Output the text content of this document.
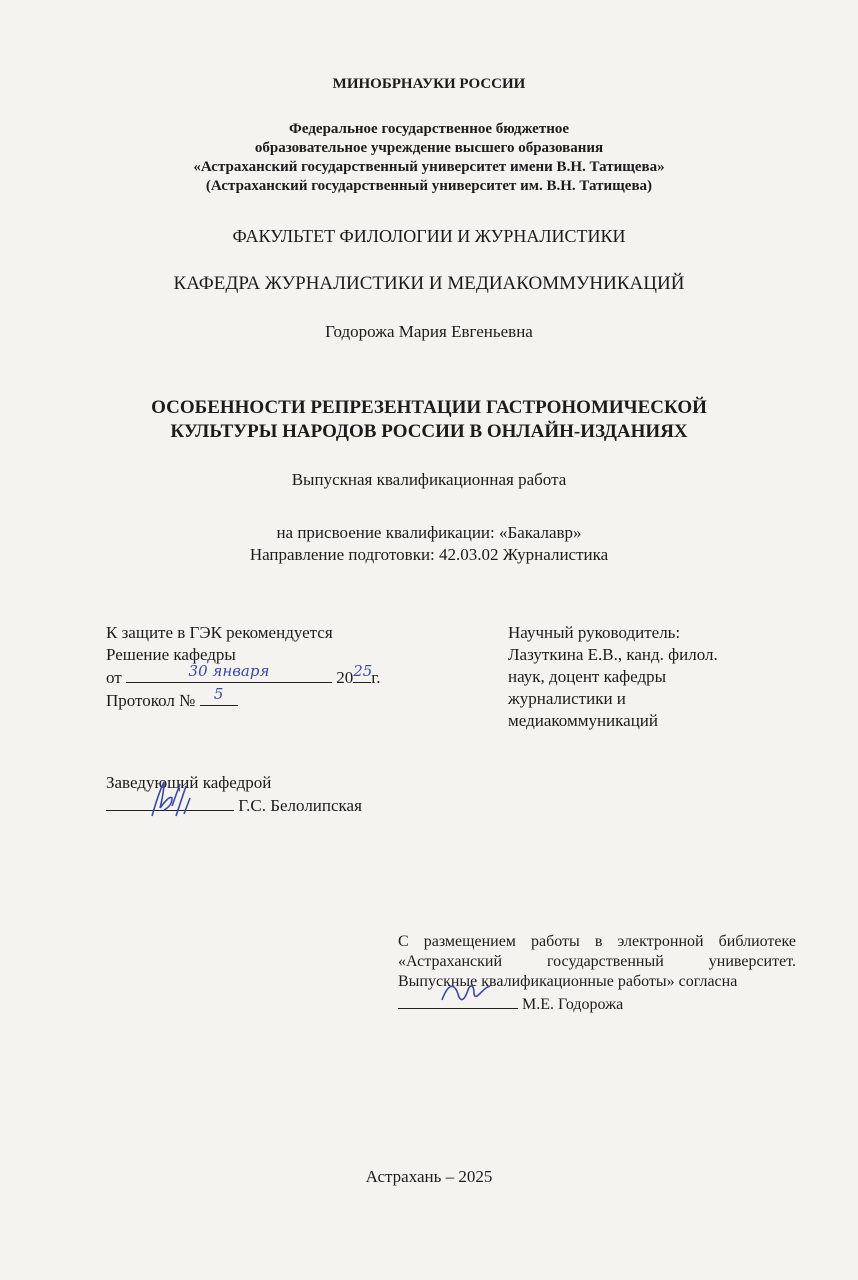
МИНОБРНАУКИ РОССИИ
Федеральное государственное бюджетное
образовательное учреждение высшего образования
«Астраханский государственный университет имени В.Н. Татищева»
(Астраханский государственный университет им. В.Н. Татищева)
ФАКУЛЬТЕТ ФИЛОЛОГИИ И ЖУРНАЛИСТИКИ
КАФЕДРА ЖУРНАЛИСТИКИ И МЕДИАКОММУНИКАЦИЙ
Годорожа Мария Евгеньевна
ОСОБЕННОСТИ РЕПРЕЗЕНТАЦИИ ГАСТРОНОМИЧЕСКОЙ
КУЛЬТУРЫ НАРОДОВ РОССИИ В ОНЛАЙН-ИЗДАНИЯХ
Выпускная квалификационная работа
на присвоение квалификации: «Бакалавр»
Направление подготовки: 42.03.02 Журналистика
К защите в ГЭК рекомендуется
Решение кафедры
от	30 января	20 25
г.
Протокол №	5
Научный руководитель:
Лазуткина Е.В., канд. филол.
наук, доцент кафедры
журналистики и
медиакоммуникаций
Заведующий кафедрой
Г.С. Белолипская
С размещением работы в электронной библиотеке «Астраханский государственный университет. Выпускные квалификационные работы» согласна
М.Е. Годорожа
Астрахань – 2025
